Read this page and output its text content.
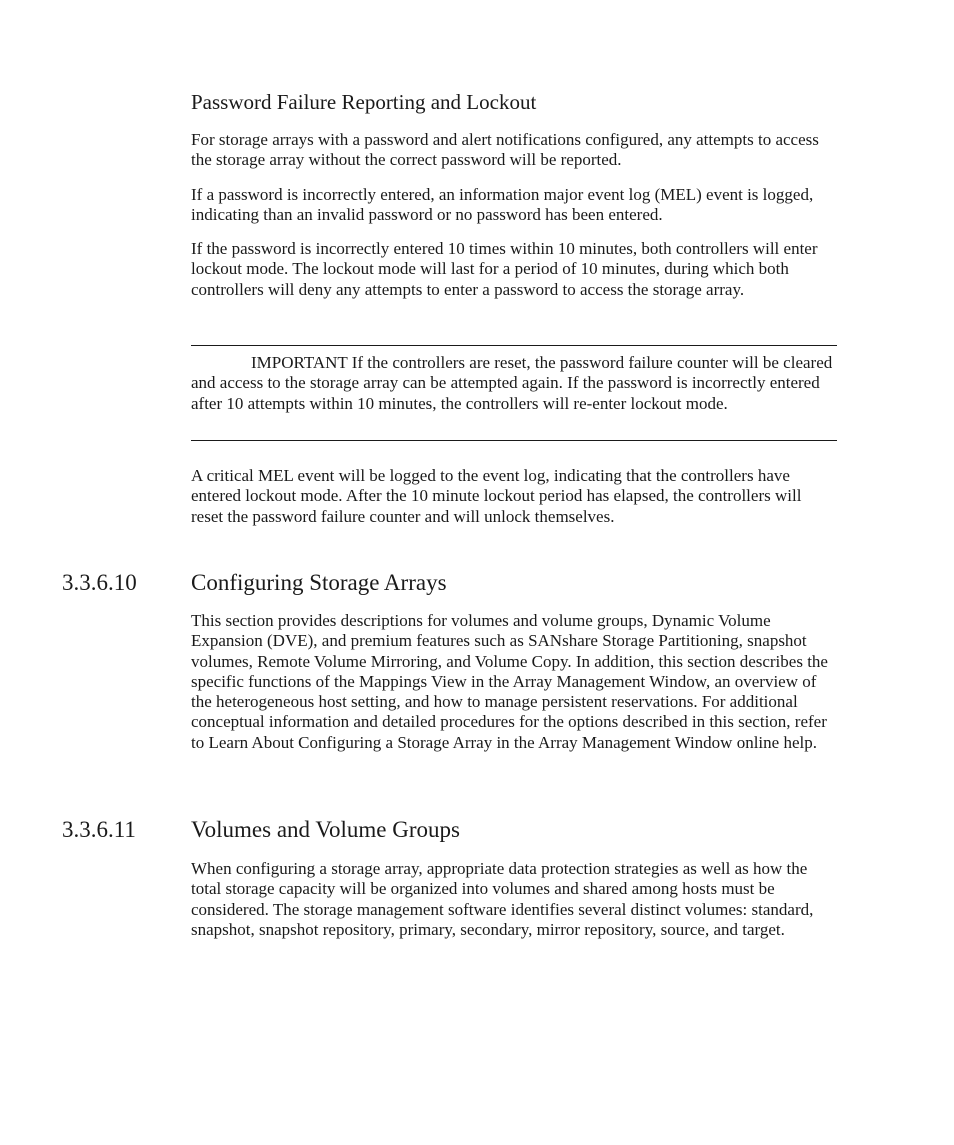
Password Failure Reporting and Lockout

For storage arrays with a password and alert notifications configured, any attempts to access the storage array without the correct password will be reported.

If a password is incorrectly entered, an information major event log (MEL) event is logged, indicating than an invalid password or no password has been entered.

If the password is incorrectly entered 10 times within 10 minutes, both controllers will enter lockout mode. The lockout mode will last for a period of 10 minutes, during which both controllers will deny any attempts to enter a password to access the storage array.

IMPORTANT If the controllers are reset, the password failure counter will be cleared and access to the storage array can be attempted again. If the password is incorrectly entered after 10 attempts within 10 minutes, the controllers will re-enter lockout mode.

A critical MEL event will be logged to the event log, indicating that the controllers have entered lockout mode. After the 10 minute lockout period has elapsed, the controllers will reset the password failure counter and will unlock themselves.

3.3.6.10 Configuring Storage Arrays

This section provides descriptions for volumes and volume groups, Dynamic Volume Expansion (DVE), and premium features such as SANshare Storage Partitioning, snapshot volumes, Remote Volume Mirroring, and Volume Copy. In addition, this section describes the specific functions of the Mappings View in the Array Management Window, an overview of the heterogeneous host setting, and how to manage persistent reservations. For additional conceptual information and detailed procedures for the options described in this section, refer to Learn About Configuring a Storage Array in the Array Management Window online help.

3.3.6.11 Volumes and Volume Groups

When configuring a storage array, appropriate data protection strategies as well as how the total storage capacity will be organized into volumes and shared among hosts must be considered. The storage management software identifies several distinct volumes: standard, snapshot, snapshot repository, primary, secondary, mirror repository, source, and target.
